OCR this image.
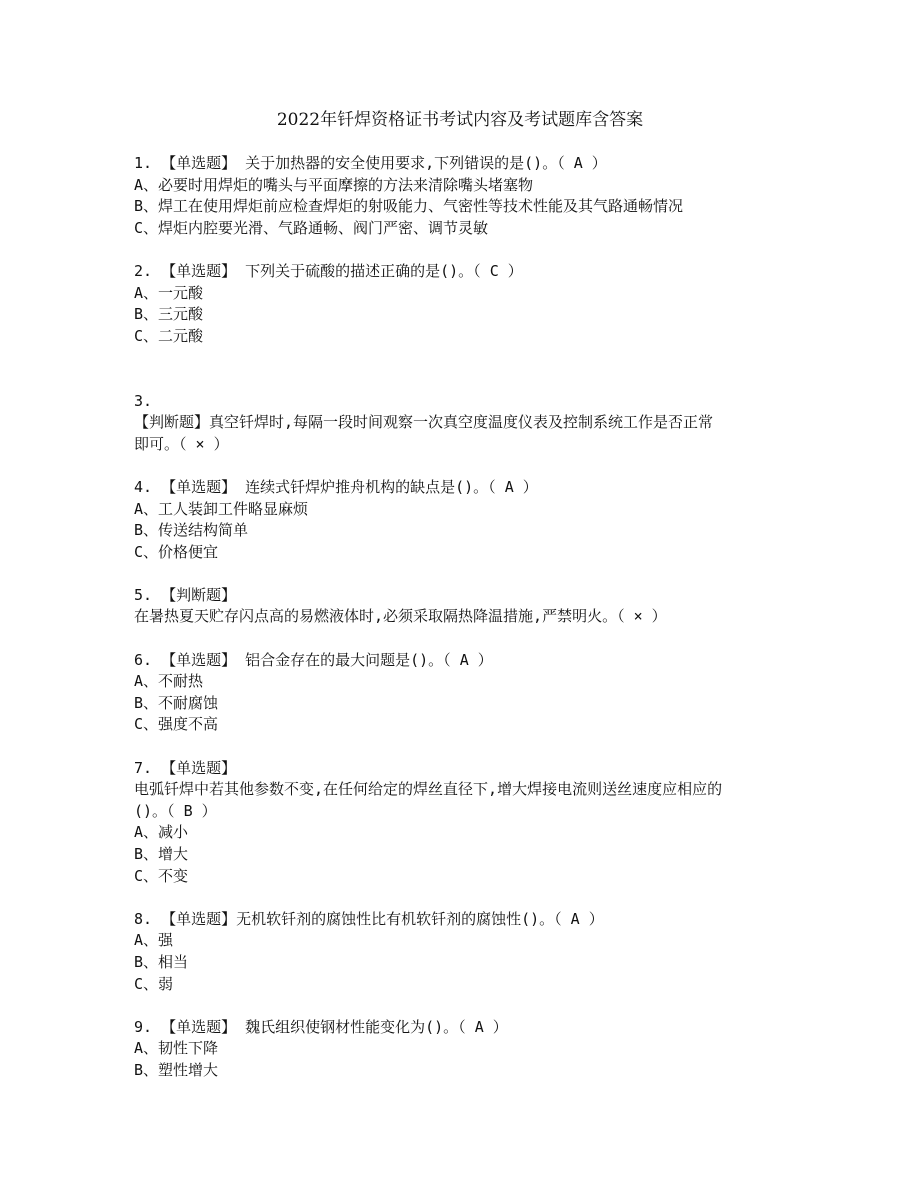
2022年钎焊资格证书考试内容及考试题库含答案
1. 【单选题】 关于加热器的安全使用要求,下列错误的是()。（ A ）
A、必要时用焊炬的嘴头与平面摩擦的方法来清除嘴头堵塞物
B、焊工在使用焊炬前应检查焊炬的射吸能力、气密性等技术性能及其气路通畅情况
C、焊炬内腔要光滑、气路通畅、阀门严密、调节灵敏
2. 【单选题】 下列关于硫酸的描述正确的是()。（ C ）
A、一元酸
B、三元酸
C、二元酸
3.
【判断题】真空钎焊时,每隔一段时间观察一次真空度温度仪表及控制系统工作是否正常
即可。（ × ）
4. 【单选题】 连续式钎焊炉推舟机构的缺点是()。（ A ）
A、工人装卸工件略显麻烦
B、传送结构简单
C、价格便宜
5. 【判断题】
在暑热夏天贮存闪点高的易燃液体时,必须采取隔热降温措施,严禁明火。（ × ）
6. 【单选题】 铝合金存在的最大问题是()。（ A ）
A、不耐热
B、不耐腐蚀
C、强度不高
7. 【单选题】
电弧钎焊中若其他参数不变,在任何给定的焊丝直径下,增大焊接电流则送丝速度应相应的
()。（ B ）
A、减小
B、增大
C、不变
8. 【单选题】无机软钎剂的腐蚀性比有机软钎剂的腐蚀性()。（ A ）
A、强
B、相当
C、弱
9. 【单选题】 魏氏组织使钢材性能变化为()。（ A ）
A、韧性下降
B、塑性增大
